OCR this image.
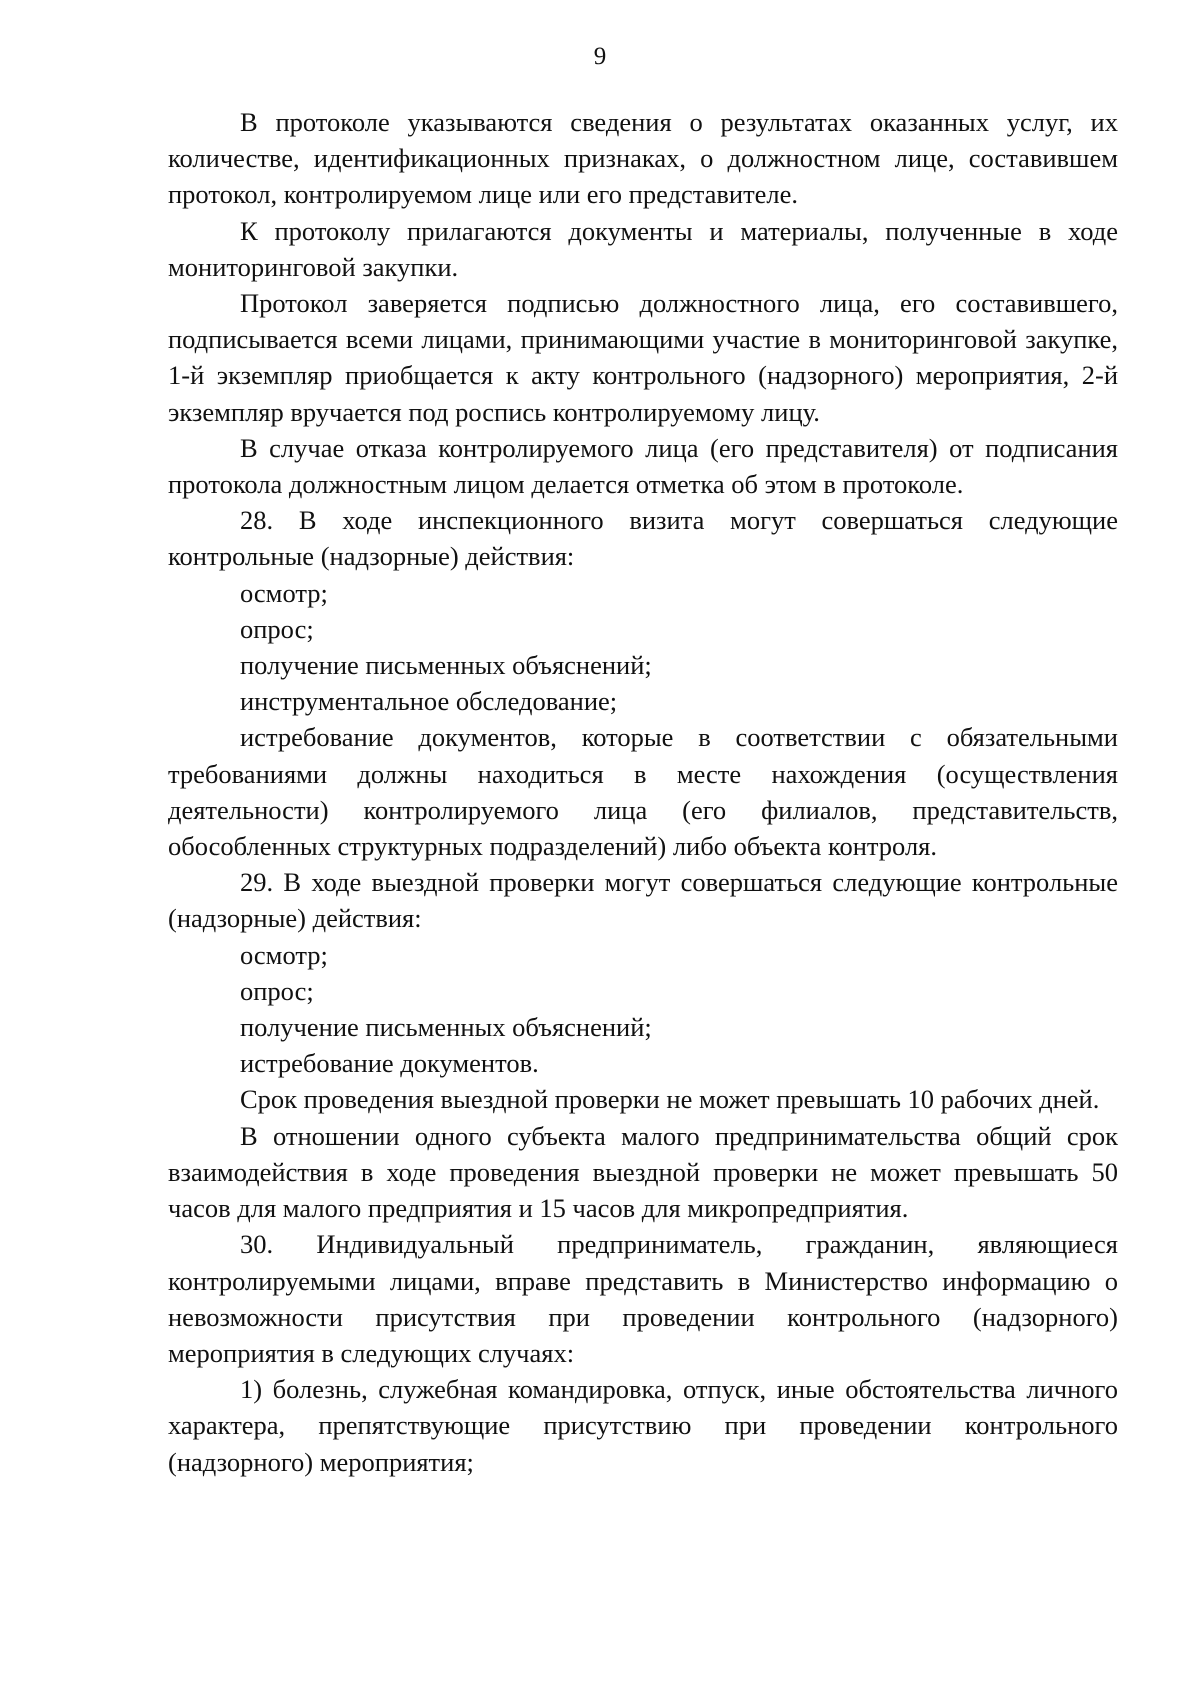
9

В протоколе указываются сведения о результатах оказанных услуг, их количестве, идентификационных признаках, о должностном лице, составившем протокол, контролируемом лице или его представителе.

К протоколу прилагаются документы и материалы, полученные в ходе мониторинговой закупки.

Протокол заверяется подписью должностного лица, его составившего, подписывается всеми лицами, принимающими участие в мониторинговой закупке, 1-й экземпляр приобщается к акту контрольного (надзорного) мероприятия, 2-й экземпляр вручается под роспись контролируемому лицу.

В случае отказа контролируемого лица (его представителя) от подписания протокола должностным лицом делается отметка об этом в протоколе.

28. В ходе инспекционного визита могут совершаться следующие контрольные (надзорные) действия:

осмотр;

опрос;

получение письменных объяснений;

инструментальное обследование;

истребование документов, которые в соответствии с обязательными требованиями должны находиться в месте нахождения (осуществления деятельности) контролируемого лица (его филиалов, представительств, обособленных структурных подразделений) либо объекта контроля.

29. В ходе выездной проверки могут совершаться следующие контрольные (надзорные) действия:

осмотр;

опрос;

получение письменных объяснений;

истребование документов.

Срок проведения выездной проверки не может превышать 10 рабочих дней.

В отношении одного субъекта малого предпринимательства общий срок взаимодействия в ходе проведения выездной проверки не может превышать 50 часов для малого предприятия и 15 часов для микропредприятия.

30. Индивидуальный предприниматель, гражданин, являющиеся контролируемыми лицами, вправе представить в Министерство информацию о невозможности присутствия при проведении контрольного (надзорного) мероприятия в следующих случаях:

1) болезнь, служебная командировка, отпуск, иные обстоятельства личного характера, препятствующие присутствию при проведении контрольного (надзорного) мероприятия;
